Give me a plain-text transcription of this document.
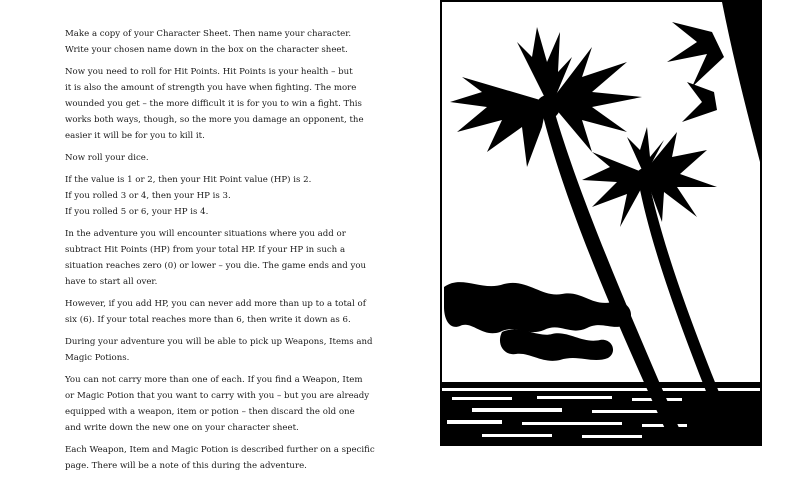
Make a copy of your Character Sheet. Then name your character.
Write your chosen name down in the box on the character sheet.

Now you need to roll for Hit Points. Hit Points is your health – but
it is also the amount of strength you have when fighting. The more
wounded you get – the more difficult it is for you to win a fight. This
works both ways, though, so the more you damage an opponent, the
easier it will be for you to kill it.

Now roll your dice.

If the value is 1 or 2, then your Hit Point value (HP) is 2.
If you rolled 3 or 4, then your HP is 3.
If you rolled 5 or 6, your HP is 4.

In the adventure you will encounter situations where you add or
subtract Hit Points (HP) from your total HP. If your HP in such a
situation reaches zero (0) or lower – you die. The game ends and you
have to start all over.

However, if you add HP, you can never add more than up to a total of
six (6). If your total reaches more than 6, then write it down as 6.

During your adventure you will be able to pick up Weapons, Items and
Magic Potions.

You can not carry more than one of each. If you find a Weapon, Item
or Magic Potion that you want to carry with you – but you are already
equipped with a weapon, item or potion – then discard the old one
and write down the new one on your character sheet.

Each Weapon, Item and Magic Potion is described further on a specific
page. There will be a note of this during the adventure.
